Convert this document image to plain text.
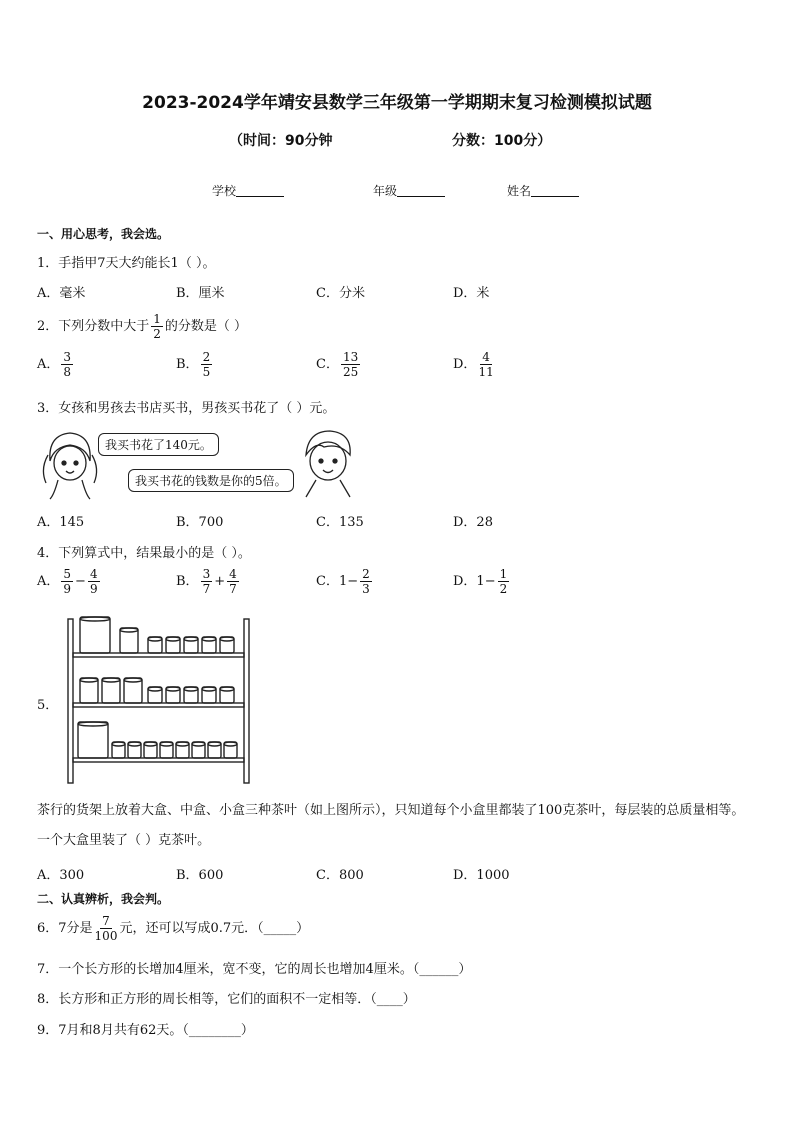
2023-2024学年靖安县数学三年级第一学期期末复习检测模拟试题
（时间：90分钟	分数：100分）
学校	年级	姓名
一、用心思考，我会选。
1．手指甲7天大约能长1（ ）。
A．毫米	B．厘米	C．分米	D．米
2．下列分数中大于 $\frac{1}{2}$ 的分数是（ ）
A． $\frac{3}{8}$	B． $\frac{2}{5}$	C． $\frac{13}{25}$	D． $\frac{4}{11}$
3．女孩和男孩去书店买书，男孩买书花了（ ）元。
我买书花了140元。
我买书花的钱数是你的5倍。
A．145	B．700	C．135	D．28
4．下列算式中，结果最小的是（ ）。
A． $\frac{5}{9} - \frac{4}{9}$	B． $\frac{3}{7} + \frac{4}{7}$	C．$1- \frac{2}{3}$	D．$1- \frac{1}{2}$
5．
茶行的货架上放着大盒、中盒、小盒三种茶叶（如上图所示），只知道每个小盒里都装了100克茶叶，每层装的总质量相等。一个大盒里装了（ ）克茶叶。
A．300	B．600	C．800	D．1000
二、认真辨析，我会判。
6．7分是 $\frac{7}{100}$ 元，还可以写成0.7元．（_____）
7．一个长方形的长增加4厘米，宽不变，它的周长也增加4厘米。（______）
8．长方形和正方形的周长相等，它们的面积不一定相等．（____）
9．7月和8月共有62天。（________）
